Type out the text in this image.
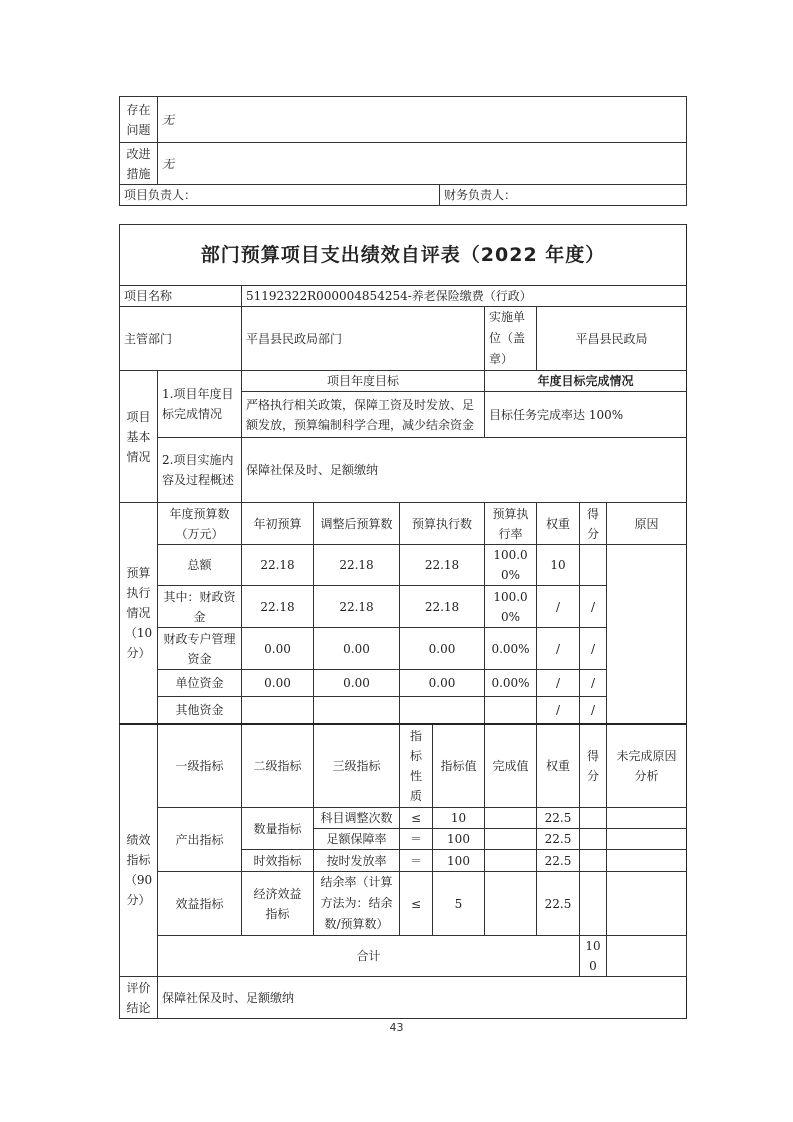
存在问题	无	
改进措施	无	
项目负责人：		财务负责人：
部门预算项目支出绩效自评表（2022 年度）										
项目名称		51192322R000004854254-养老保险缴费（行政）								
主管部门		平昌县民政局部门				实施单位（盖章）	平昌县民政局			
项目基本情况	1.项目年度目标完成情况	项目年度目标				年度目标完成情况				
		严格执行相关政策，保障工资及时发放、足额发放，预算编制科学合理，减少结余资金				目标任务完成率达 100%				
	2.项目实施内容及过程概述	保障社保及时、足额缴纳								
预算执行情况（10分）	年度预算数（万元）	年初预算	调整后预算数	预算执行数		预算执行率	权重	得分	原因	
	总额	22.18	22.18	22.18		100.00%	10			
	其中：财政资金	22.18	22.18	22.18		100.00%	/	/		
	财政专户管理资金	0.00	0.00	0.00		0.00%	/	/		
	单位资金	0.00	0.00	0.00		0.00%	/	/		
	其他资金						/	/		
绩效指标（90分）	一级指标	二级指标	三级指标	指标性质	指标值	完成值	权重	得分	未完成原因分析	
	产出指标	数量指标	科目调整次数	≤	10		22.5			
			足额保障率	＝	100		22.5			
		时效指标	按时发放率	＝	100		22.5			
	效益指标	经济效益指标	结余率（计算方法为：结余数/预算数）	≤	5		22.5			
	合计							100		
评价结论	保障社保及时、足额缴纳									
43
